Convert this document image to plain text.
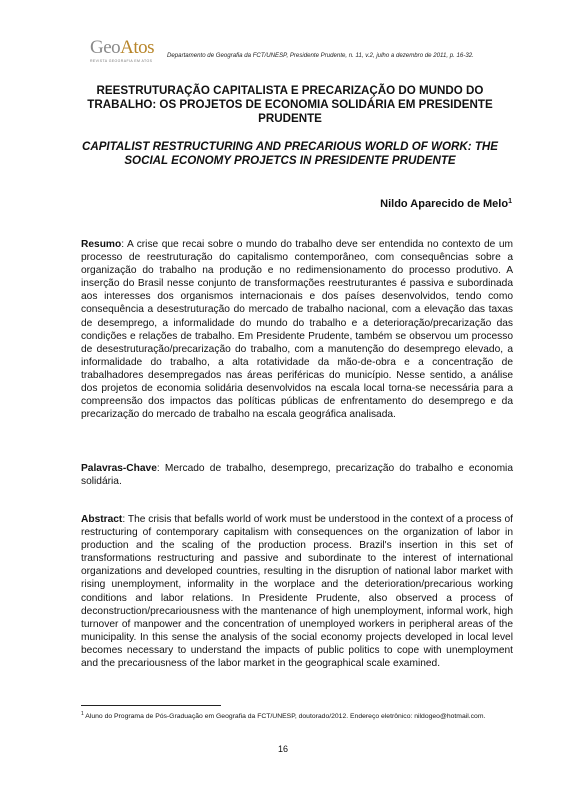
GeoAtos
REVISTA GEOGRAFIA EM ATOS
Departamento de Geografia da FCT/UNESP, Presidente Prudente, n. 11, v.2, julho a dezembro de 2011, p. 16-32.
REESTRUTURAÇÃO CAPITALISTA E PRECARIZAÇÃO DO MUNDO DO TRABALHO: OS PROJETOS DE ECONOMIA SOLIDÁRIA EM PRESIDENTE PRUDENTE
CAPITALIST RESTRUCTURING AND PRECARIOUS WORLD OF WORK: THE SOCIAL ECONOMY PROJETCS IN PRESIDENTE PRUDENTE
Nildo Aparecido de Melo$^1$
Resumo: A crise que recai sobre o mundo do trabalho deve ser entendida no contexto de um processo de reestruturação do capitalismo contemporâneo, com consequências sobre a organização do trabalho na produção e no redimensionamento do processo produtivo. A inserção do Brasil nesse conjunto de transformações reestruturantes é passiva e subordinada aos interesses dos organismos internacionais e dos países desenvolvidos, tendo como consequência a desestruturação do mercado de trabalho nacional, com a elevação das taxas de desemprego, a informalidade do mundo do trabalho e a deterioração/precarização das condições e relações de trabalho. Em Presidente Prudente, também se observou um processo de desestruturação/precarização do trabalho, com a manutenção do desemprego elevado, a informalidade do trabalho, a alta rotatividade da mão-de-obra e a concentração de trabalhadores desempregados nas áreas periféricas do município. Nesse sentido, a análise dos projetos de economia solidária desenvolvidos na escala local torna-se necessária para a compreensão dos impactos das políticas públicas de enfrentamento do desemprego e da precarização do mercado de trabalho na escala geográfica analisada.
Palavras-Chave: Mercado de trabalho, desemprego, precarização do trabalho e economia solidária.
Abstract: The crisis that befalls world of work must be understood in the context of a process of restructuring of contemporary capitalism with consequences on the organization of labor in production and the scaling of the production process. Brazil's insertion in this set of transformations restructuring and passive and subordinate to the interest of international organizations and developed countries, resulting in the disruption of national labor market with rising unemployment, informality in the worplace and the deterioration/precarious working conditions and labor relations. In Presidente Prudente, also observed a process of deconstruction/precariousness with the mantenance of high unemployment, informal work, high turnover of manpower and the concentration of unemployed workers in peripheral areas of the municipality. In this sense the analysis of the social economy projects developed in local level becomes necessary to understand the impacts of public politics to cope with unemployment and the precariousness of the labor market in the geographical scale examined.
$^1$ Aluno do Programa de Pós-Graduação em Geografia da FCT/UNESP, doutorado/2012. Endereço eletrônico: nildogeo@hotmail.com.
16
